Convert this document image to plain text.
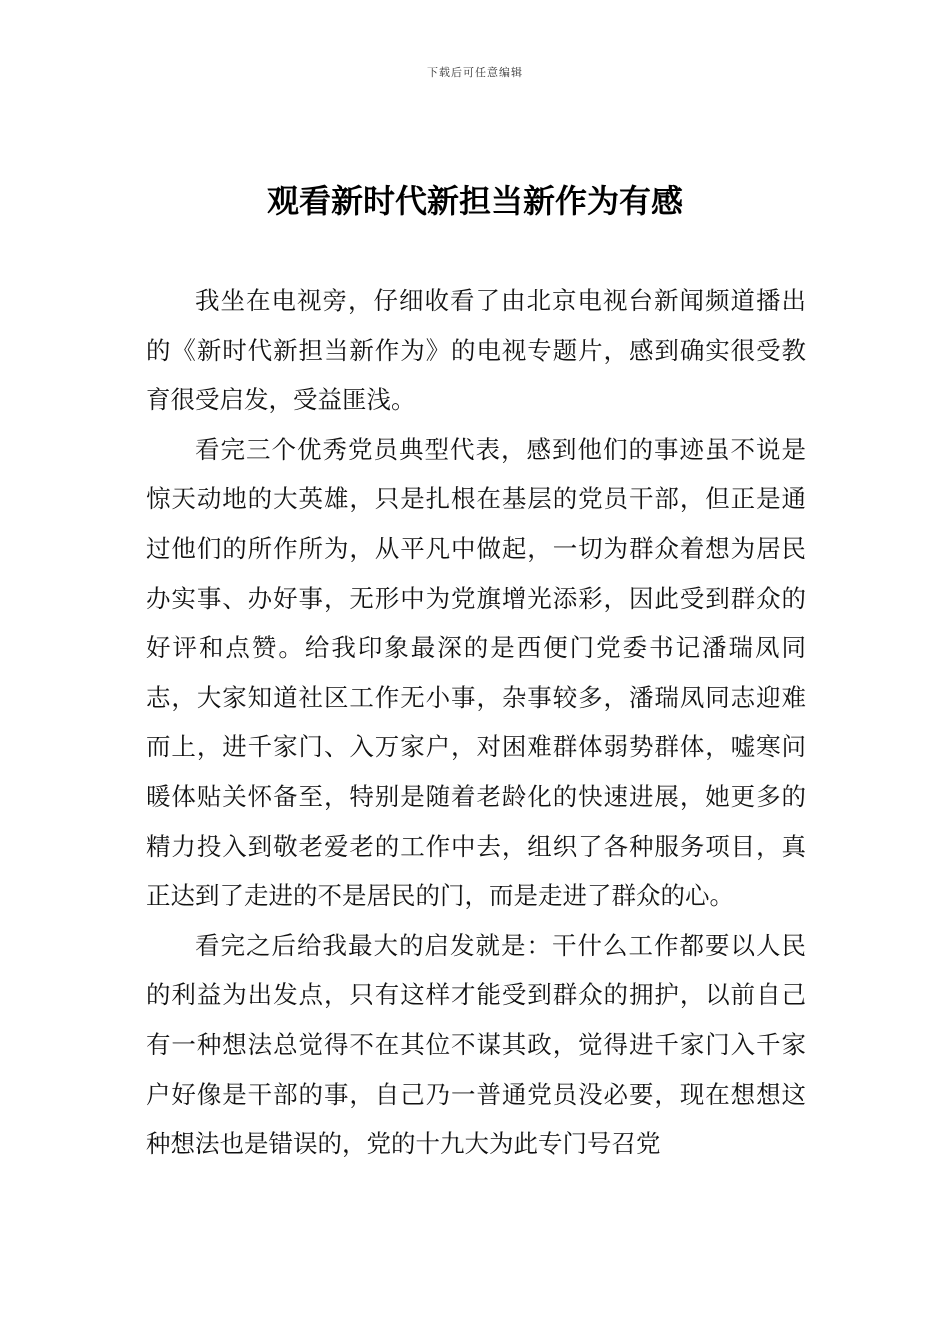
下载后可任意编辑
观看新时代新担当新作为有感

我坐在电视旁，仔细收看了由北京电视台新闻频道播出的《新时代新担当新作为》的电视专题片，感到确实很受教育很受启发，受益匪浅。

看完三个优秀党员典型代表，感到他们的事迹虽不说是惊天动地的大英雄，只是扎根在基层的党员干部，但正是通过他们的所作所为，从平凡中做起，一切为群众着想为居民办实事、办好事，无形中为党旗增光添彩，因此受到群众的好评和点赞。给我印象最深的是西便门党委书记潘瑞凤同志，大家知道社区工作无小事，杂事较多，潘瑞凤同志迎难而上，进千家门、入万家户，对困难群体弱势群体，嘘寒问暖体贴关怀备至，特别是随着老龄化的快速进展，她更多的精力投入到敬老爱老的工作中去，组织了各种服务项目，真正达到了走进的不是居民的门，而是走进了群众的心。

看完之后给我最大的启发就是：干什么工作都要以人民的利益为出发点，只有这样才能受到群众的拥护，以前自己有一种想法总觉得不在其位不谋其政，觉得进千家门入千家户好像是干部的事，自己乃一普通党员没必要，现在想想这种想法也是错误的，党的十九大为此专门号召党
